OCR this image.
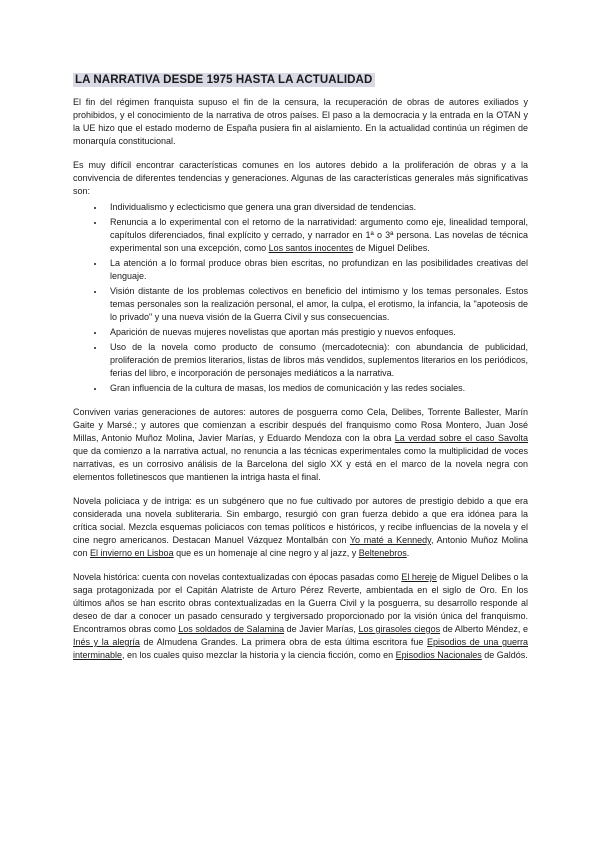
LA NARRATIVA DESDE 1975 HASTA LA ACTUALIDAD

El fin del régimen franquista supuso el fin de la censura, la recuperación de obras de autores exiliados y prohibidos, y el conocimiento de la narrativa de otros países. El paso a la democracia y la entrada en la OTAN y la UE hizo que el estado moderno de España pusiera fin al aislamiento. En la actualidad continúa un régimen de monarquía constitucional.

Es muy difícil encontrar características comunes en los autores debido a la proliferación de obras y a la convivencia de diferentes tendencias y generaciones. Algunas de las características generales más significativas son:

• Individualismo y eclecticismo que genera una gran diversidad de tendencias.
• Renuncia a lo experimental con el retorno de la narratividad: argumento como eje, linealidad temporal, capítulos diferenciados, final explícito y cerrado, y narrador en 1ª o 3ª persona. Las novelas de técnica experimental son una excepción, como Los santos inocentes de Miguel Delibes.
• La atención a lo formal produce obras bien escritas, no profundizan en las posibilidades creativas del lenguaje.
• Visión distante de los problemas colectivos en beneficio del intimismo y los temas personales. Estos temas personales son la realización personal, el amor, la culpa, el erotismo, la infancia, la "apoteosis de lo privado" y una nueva visión de la Guerra Civil y sus consecuencias.
• Aparición de nuevas mujeres novelistas que aportan más prestigio y nuevos enfoques.
• Uso de la novela como producto de consumo (mercadotecnia): con abundancia de publicidad, proliferación de premios literarios, listas de libros más vendidos, suplementos literarios en los periódicos, ferias del libro, e incorporación de personajes mediáticos a la narrativa.
• Gran influencia de la cultura de masas, los medios de comunicación y las redes sociales.

Conviven varias generaciones de autores: autores de posguerra como Cela, Delibes, Torrente Ballester, Marín Gaite y Marsé.; y autores que comienzan a escribir después del franquismo como Rosa Montero, Juan José Millas, Antonio Muñoz Molina, Javier Marías, y Eduardo Mendoza con la obra La verdad sobre el caso Savolta que da comienzo a la narrativa actual, no renuncia a las técnicas experimentales como la multiplicidad de voces narrativas, es un corrosivo análisis de la Barcelona del siglo XX y está en el marco de la novela negra con elementos folletinescos que mantienen la intriga hasta el final.

Novela policiaca y de intriga: es un subgénero que no fue cultivado por autores de prestigio debido a que era considerada una novela subliteraria. Sin embargo, resurgió con gran fuerza debido a que era idónea para la crítica social. Mezcla esquemas policiacos con temas políticos e históricos, y recibe influencias de la novela y el cine negro americanos. Destacan Manuel Vázquez Montalbán con Yo maté a Kennedy, Antonio Muñoz Molina con El invierno en Lisboa que es un homenaje al cine negro y al jazz, y Beltenebros.

Novela histórica: cuenta con novelas contextualizadas con épocas pasadas como El hereje de Miguel Delibes o la saga protagonizada por el Capitán Alatriste de Arturo Pérez Reverte, ambientada en el siglo de Oro. En los últimos años se han escrito obras contextualizadas en la Guerra Civil y la posguerra, su desarrollo responde al deseo de dar a conocer un pasado censurado y tergiversado proporcionado por la visión única del franquismo. Encontramos obras como Los soldados de Salamina de Javier Marías, Los girasoles ciegos de Alberto Méndez, e Inés y la alegría de Almudena Grandes. La primera obra de esta última escritora fue Episodios de una guerra interminable, en los cuales quiso mezclar la historia y la ciencia ficción, como en Episodios Nacionales de Galdós.
